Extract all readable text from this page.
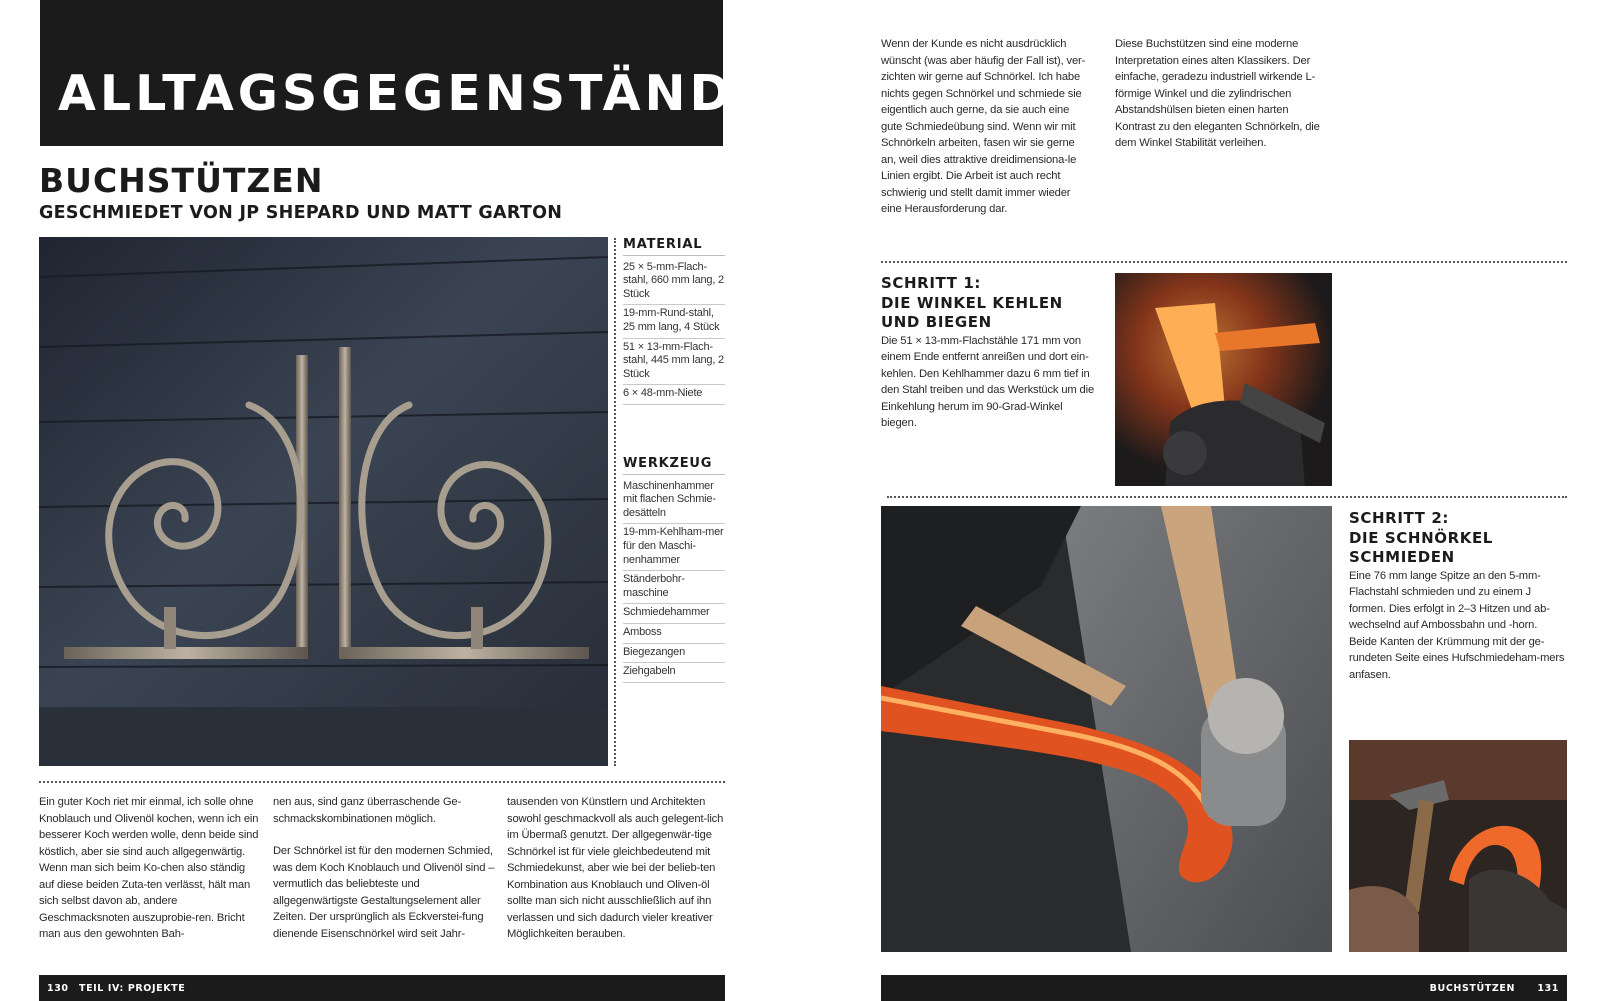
ALLTAGSGEGENSTÄNDE
BUCHSTÜTZEN
GESCHMIEDET VON JP SHEPARD UND MATT GARTON
MATERIAL
25 × 5-mm-Flach-stahl, 660 mm lang, 2 Stück
19-mm-Rund-stahl, 25 mm lang, 4 Stück
51 × 13-mm-Flach-stahl, 445 mm lang, 2 Stück
6 × 48-mm-Niete
WERKZEUG
Maschinenhammer mit flachen Schmie-desätteln
19-mm-Kehlham-mer für den Maschi-nenhammer
Ständerbohr-maschine
Schmiedehammer
Amboss
Biegezangen
Ziehgabeln

Ein guter Koch riet mir einmal, ich solle ohne Knoblauch und Olivenöl kochen, wenn ich ein besserer Koch werden wolle, denn beide sind köstlich, aber sie sind auch allgegenwärtig. Wenn man sich beim Ko-chen also ständig auf diese beiden Zuta-ten verlässt, hält man sich selbst davon ab, andere Geschmacksnoten auszuprobie-ren. Bricht man aus den gewohnten Bah-

nen aus, sind ganz überraschende Ge-schmackskombinationen möglich.

Der Schnörkel ist für den modernen Schmied, was dem Koch Knoblauch und Olivenöl sind – vermutlich das beliebteste und allgegenwärtigste Gestaltungselement aller Zeiten. Der ursprünglich als Eckverstei-fung dienende Eisenschnörkel wird seit Jahr-

tausenden von Künstlern und Architekten sowohl geschmackvoll als auch gelegent-lich im Übermaß genutzt. Der allgegenwär-tige Schnörkel ist für viele gleichbedeutend mit Schmiedekunst, aber wie bei der belieb-ten Kombination aus Knoblauch und Oliven-öl sollte man sich nicht ausschließlich auf ihn verlassen und sich dadurch vieler kreativer Möglichkeiten berauben.

130 TEIL IV: PROJEKTE

Wenn der Kunde es nicht ausdrücklich wünscht (was aber häufig der Fall ist), ver-zichten wir gerne auf Schnörkel. Ich habe nichts gegen Schnörkel und schmiede sie eigentlich auch gerne, da sie auch eine gute Schmiedeübung sind. Wenn wir mit Schnörkeln arbeiten, fasen wir sie gerne an, weil dies attraktive dreidimensiona-le Linien ergibt. Die Arbeit ist auch recht schwierig und stellt damit immer wieder eine Herausforderung dar.

Diese Buchstützen sind eine moderne Interpretation eines alten Klassikers. Der einfache, geradezu industriell wirkende L-förmige Winkel und die zylindrischen Abstandshülsen bieten einen harten Kontrast zu den eleganten Schnörkeln, die dem Winkel Stabilität verleihen.

SCHRITT 1:
DIE WINKEL KEHLEN
UND BIEGEN
Die 51 × 13-mm-Flachstähle 171 mm von einem Ende entfernt anreißen und dort ein-kehlen. Den Kehlhammer dazu 6 mm tief in den Stahl treiben und das Werkstück um die Einkehlung herum im 90-Grad-Winkel biegen.
SCHRITT 2:
DIE SCHNÖRKEL
SCHMIEDEN
Eine 76 mm lange Spitze an den 5-mm-Flachstahl schmieden und zu einem J formen. Dies erfolgt in 2–3 Hitzen und ab-wechselnd auf Ambossbahn und -horn. Beide Kanten der Krümmung mit der ge-rundeten Seite eines Hufschmiedeham-mers anfasen.
BUCHSTÜTZEN 131
